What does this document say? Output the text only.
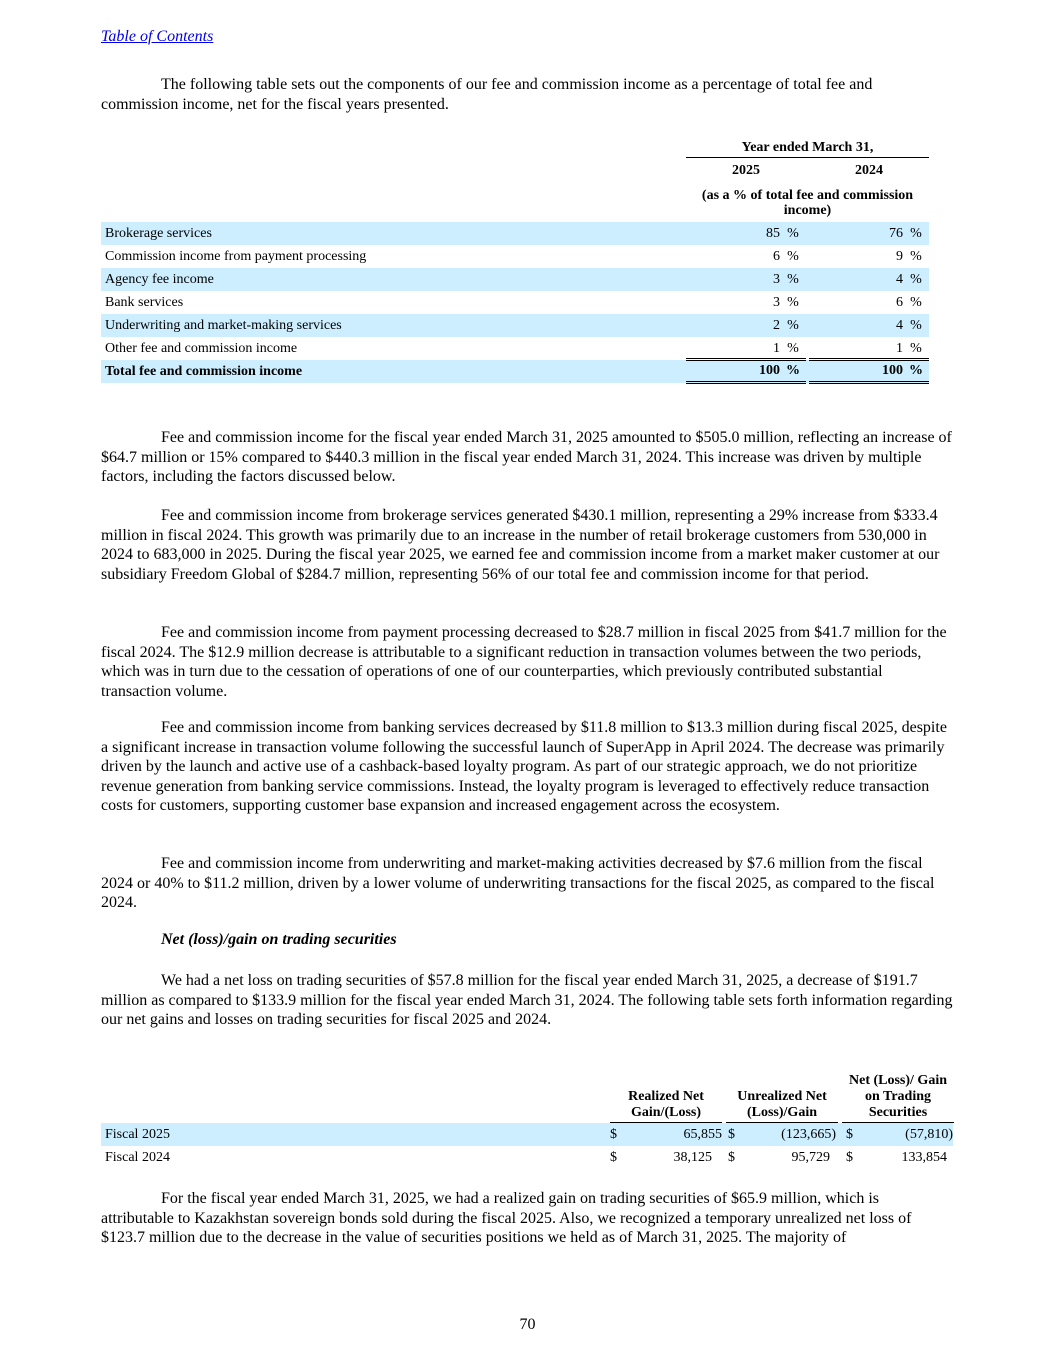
Table of Contents

The following table sets out the components of our fee and commission income as a percentage of total fee and commission income, net for the fiscal years presented.

Year ended March 31,
2025	2024
(as a % of total fee and commission income)
Brokerage services	85 %	76 %
Commission income from payment processing	6 %	9 %
Agency fee income	3 %	4 %
Bank services	3 %	6 %
Underwriting and market-making services	2 %	4 %
Other fee and commission income	1 %	1 %
Total fee and commission income	100 %	100 %

Fee and commission income for the fiscal year ended March 31, 2025 amounted to $505.0 million, reflecting an increase of $64.7 million or 15% compared to $440.3 million in the fiscal year ended March 31, 2024. This increase was driven by multiple factors, including the factors discussed below.

Fee and commission income from brokerage services generated $430.1 million, representing a 29% increase from $333.4 million in fiscal 2024. This growth was primarily due to an increase in the number of retail brokerage customers from 530,000 in 2024 to 683,000 in 2025. During the fiscal year 2025, we earned fee and commission income from a market maker customer at our subsidiary Freedom Global of $284.7 million, representing 56% of our total fee and commission income for that period.

Fee and commission income from payment processing decreased to $28.7 million in fiscal 2025 from $41.7 million for the fiscal 2024. The $12.9 million decrease is attributable to a significant reduction in transaction volumes between the two periods, which was in turn due to the cessation of operations of one of our counterparties, which previously contributed substantial transaction volume.

Fee and commission income from banking services decreased by $11.8 million to $13.3 million during fiscal 2025, despite a significant increase in transaction volume following the successful launch of SuperApp in April 2024. The decrease was primarily driven by the launch and active use of a cashback-based loyalty program. As part of our strategic approach, we do not prioritize revenue generation from banking service commissions. Instead, the loyalty program is leveraged to effectively reduce transaction costs for customers, supporting customer base expansion and increased engagement across the ecosystem.

Fee and commission income from underwriting and market-making activities decreased by $7.6 million from the fiscal 2024 or 40% to $11.2 million, driven by a lower volume of underwriting transactions for the fiscal 2025, as compared to the fiscal 2024.

Net (loss)/gain on trading securities

We had a net loss on trading securities of $57.8 million for the fiscal year ended March 31, 2025, a decrease of $191.7 million as compared to $133.9 million for the fiscal year ended March 31, 2024. The following table sets forth information regarding our net gains and losses on trading securities for fiscal 2025 and 2024.

For the fiscal year ended March 31, 2025, we had a realized gain on trading securities of $65.9 million, which is attributable to Kazakhstan sovereign bonds sold during the fiscal 2025. Also, we recognized a temporary unrealized net loss of $123.7 million due to the decrease in the value of securities positions we held as of March 31, 2025. The majority of

Realized Net Gain/(Loss)
Unrealized Net (Loss)/Gain
Net (Loss)/ Gain on Trading Securities
Fiscal 2025	$	65,855 $	(123,665) $	(57,810)
Fiscal 2024	$	38,125 $	95,729 $	133,854
70
